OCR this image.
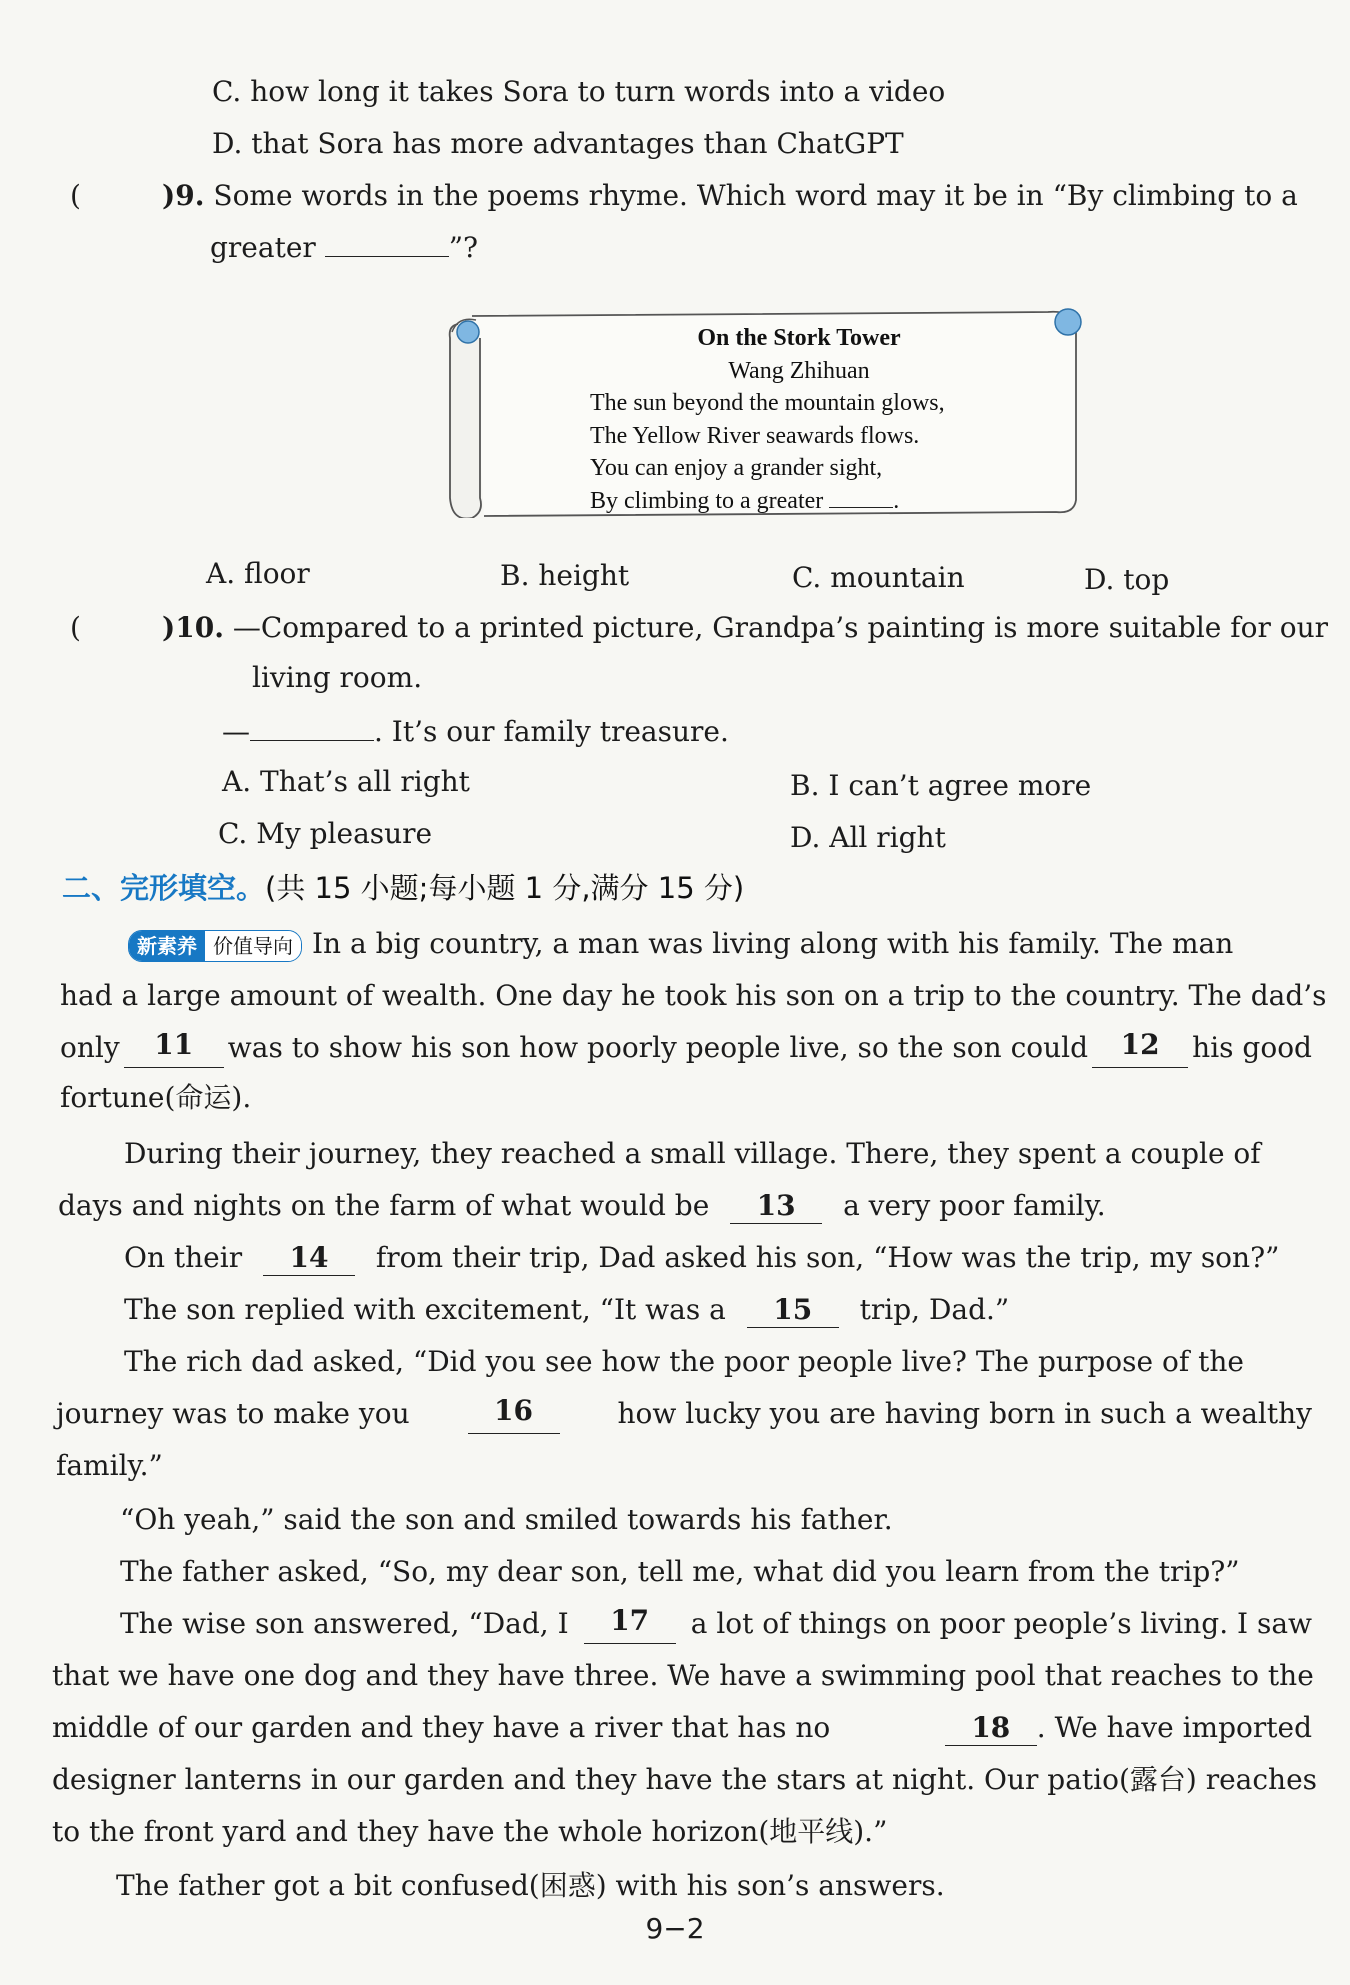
C. how long it takes Sora to turn words into a video
D. that Sora has more advantages than ChatGPT
(	)9. Some words in the poems rhyme. Which word may it be in “By climbing to a
greater	”?
On the Stork Tower
Wang Zhihuan
The sun beyond the mountain glows,
The Yellow River seawards flows.
You can enjoy a grander sight,
By climbing to a greater	.
A. floor	B. height	C. mountain	D. top
(	)10. —Compared to a printed picture, Grandpa’s painting is more suitable for our
living room.
—	. It’s our family treasure.
A. That’s all right	B. I can’t agree more
C. My pleasure	D. All right
二、完形填空。(共 15 小题;每小题 1 分,满分 15 分)
新素养 价值导向 In a big country, a man was living along with his family. The man
had a large amount of wealth. One day he took his son on a trip to the country. The dad’s
only	11	was to show his son how poorly people live, so the son could	12	his good
fortune(命运).
During their journey, they reached a small village. There, they spent a couple of
days and nights on the farm of what would be 13 a very poor family.
On their 14 from their trip, Dad asked his son, “How was the trip, my son?”
The son replied with excitement, “It was a 15 trip, Dad.”
The rich dad asked, “Did you see how the poor people live? The purpose of the
journey was to make you	16	how lucky you are having born in such a wealthy
family.”
“Oh yeah,” said the son and smiled towards his father.
The father asked, “So, my dear son, tell me, what did you learn from the trip?”
The wise son answered, “Dad, I	17	a lot of things on poor people’s living. I saw
that we have one dog and they have three. We have a swimming pool that reaches to the
middle of our garden and they have a river that has no	18 . We have imported
designer lanterns in our garden and they have the stars at night. Our patio(露台) reaches
to the front yard and they have the whole horizon(地平线).”
The father got a bit confused(困惑) with his son’s answers.
9−2
